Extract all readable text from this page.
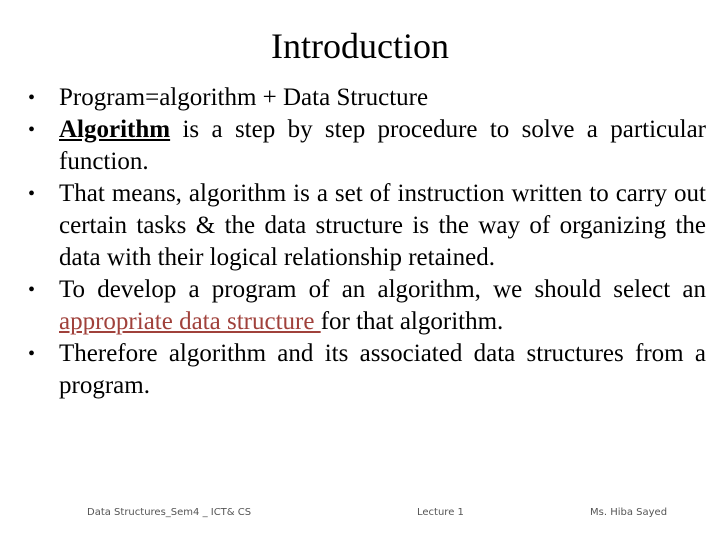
Introduction
• Program=algorithm + Data Structure
• Algorithm is a step by step procedure to solve a particular function.
• That means, algorithm is a set of instruction written to carry out certain tasks & the data structure is the way of organizing the data with their logical relationship retained.
• To develop a program of an algorithm, we should select an appropriate data structure for that algorithm.
• Therefore algorithm and its associated data structures from a program.
Data Structures_Sem4 _ ICT& CS	Lecture 1	Ms. Hiba Sayed
